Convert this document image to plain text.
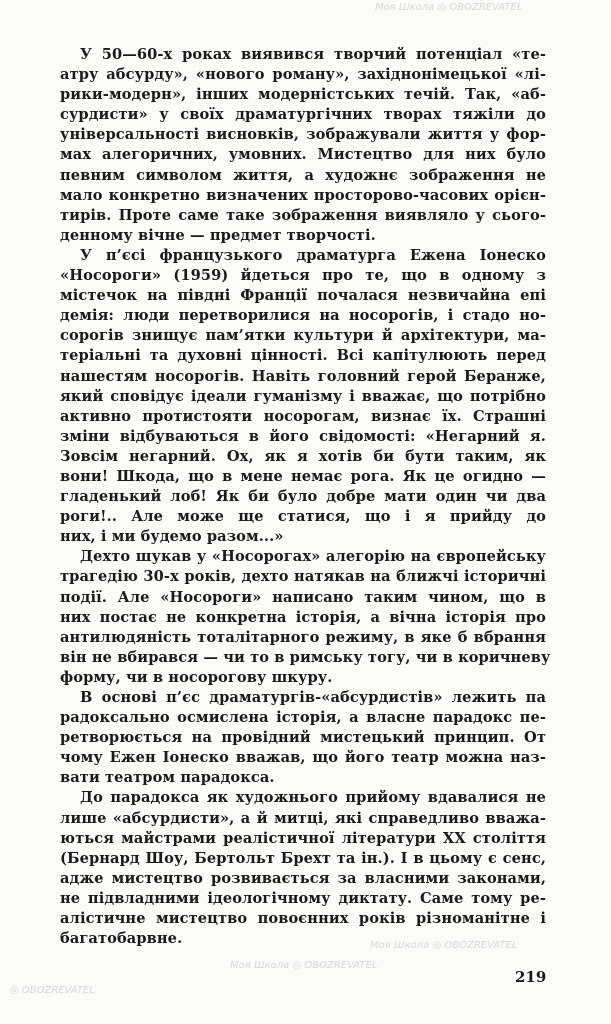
У 50—60-х роках виявився творчий потенціал «те-
атру абсурду», «нового роману», західнонімецької «лі-
рики-модерн», інших модерністських течій. Так, «аб-
сурдисти» у своїх драматургічних творах тяжіли до
універсальності висновків, зображували життя у фор-
мах алегоричних, умовних. Мистецтво для них було
певним символом життя, а художнє зображення не
мало конкретно визначених просторово-часових орієн-
тирів. Проте саме таке зображення виявляло у сього-
денному вічне — предмет творчості.
У п’єсі французького драматурга Ежена Іонеско
«Носороги» (1959) йдеться про те, що в одному з
містечок на півдні Франції почалася незвичайна епі
демія: люди перетворилися на носорогів, і стадо но-
сорогів знищує пам’ятки культури й архітектури, ма-
теріальні та духовні цінності. Всі капітулюють перед
нашестям носорогів. Навіть головний герой Беранже,
який сповідує ідеали гуманізму і вважає, що потрібно
активно протистояти носорогам, визнає їх. Страшні
зміни відбуваються в його свідомості: «Негарний я.
Зовсім негарний. Ох, як я хотів би бути таким, як
вони! Шкода, що в мене немає рога. Як це огидно —
гладенький лоб! Як би було добре мати один чи два
роги!.. Але може ще статися, що і я прийду до
них, і ми будемо разом...»
Дехто шукав у «Носорогах» алегорію на європейську
трагедію 30-х років, дехто натякав на ближчі історичні
події. Але «Носороги» написано таким чином, що в
них постає не конкретна історія, а вічна історія про
антилюдяність тоталітарного режиму, в яке б вбрання
він не вбирався — чи то в римську тогу, чи в коричневу
форму, чи в носорогову шкуру.
В основі п’єс драматургів-«абсурдистів» лежить па
радоксально осмислена історія, а власне парадокс пе-
ретворюється на провідний мистецький принцип. От
чому Ежен Іонеско вважав, що його театр можна наз-
вати театром парадокса.
До парадокса як художнього прийому вдавалися не
лише «абсурдисти», а й митці, які справедливо вважа-
ються майстрами реалістичної літератури XX століття
(Бернард Шоу, Бертольт Брехт та ін.). І в цьому є сенс,
адже мистецтво розвивається за власними законами,
не підвладними ідеологічному диктату. Саме тому ре-
алістичне мистецтво повоєнних років різноманітне і
багатобарвне.
219
Моя Школа ◎ OBOZREVATEL
Моя Школа ◎ OBOZREVATEL
◎ OBOZREVATEL
Моя Школа ◎ OBOZREVATEL
